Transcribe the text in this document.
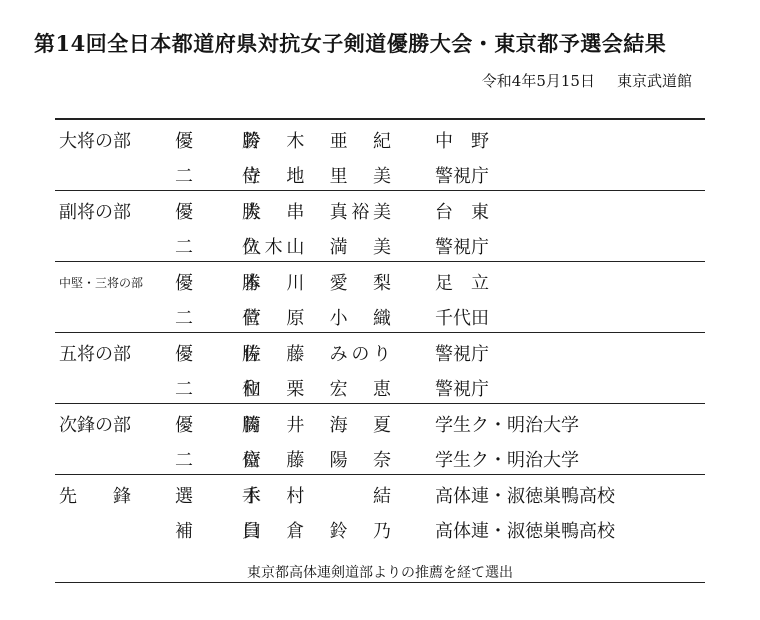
第14回全日本都道府県対抗女子剣道優勝大会・東京都予選会結果
令和4年5月15日 東京武道館
大将の部 優　勝
鈴　木　亜　紀 中　野
二　位
寺　地　里　美 警視庁
副将の部 優　勝
大　串　真裕美 台　東
二　位
久木山　満　美 警視庁
中堅・三将の部 優　勝
本　川　愛　梨 足　立
二　位
菅　原　小　織 千代田
五将の部 優　勝
佐　藤　みのり 警視庁
二　位
和　栗　宏　恵 警視庁
次鋒の部 優　勝
筒　井　海　夏 学生ク・明治大学
二　位
齋　藤　陽　奈 学生ク・明治大学
先　　鋒 選　手
木　村　　　結 高体連・淑徳巣鴨高校
補　員
臼　倉　鈴　乃 高体連・淑徳巣鴨高校
東京都高体連剣道部よりの推薦を経て選出
